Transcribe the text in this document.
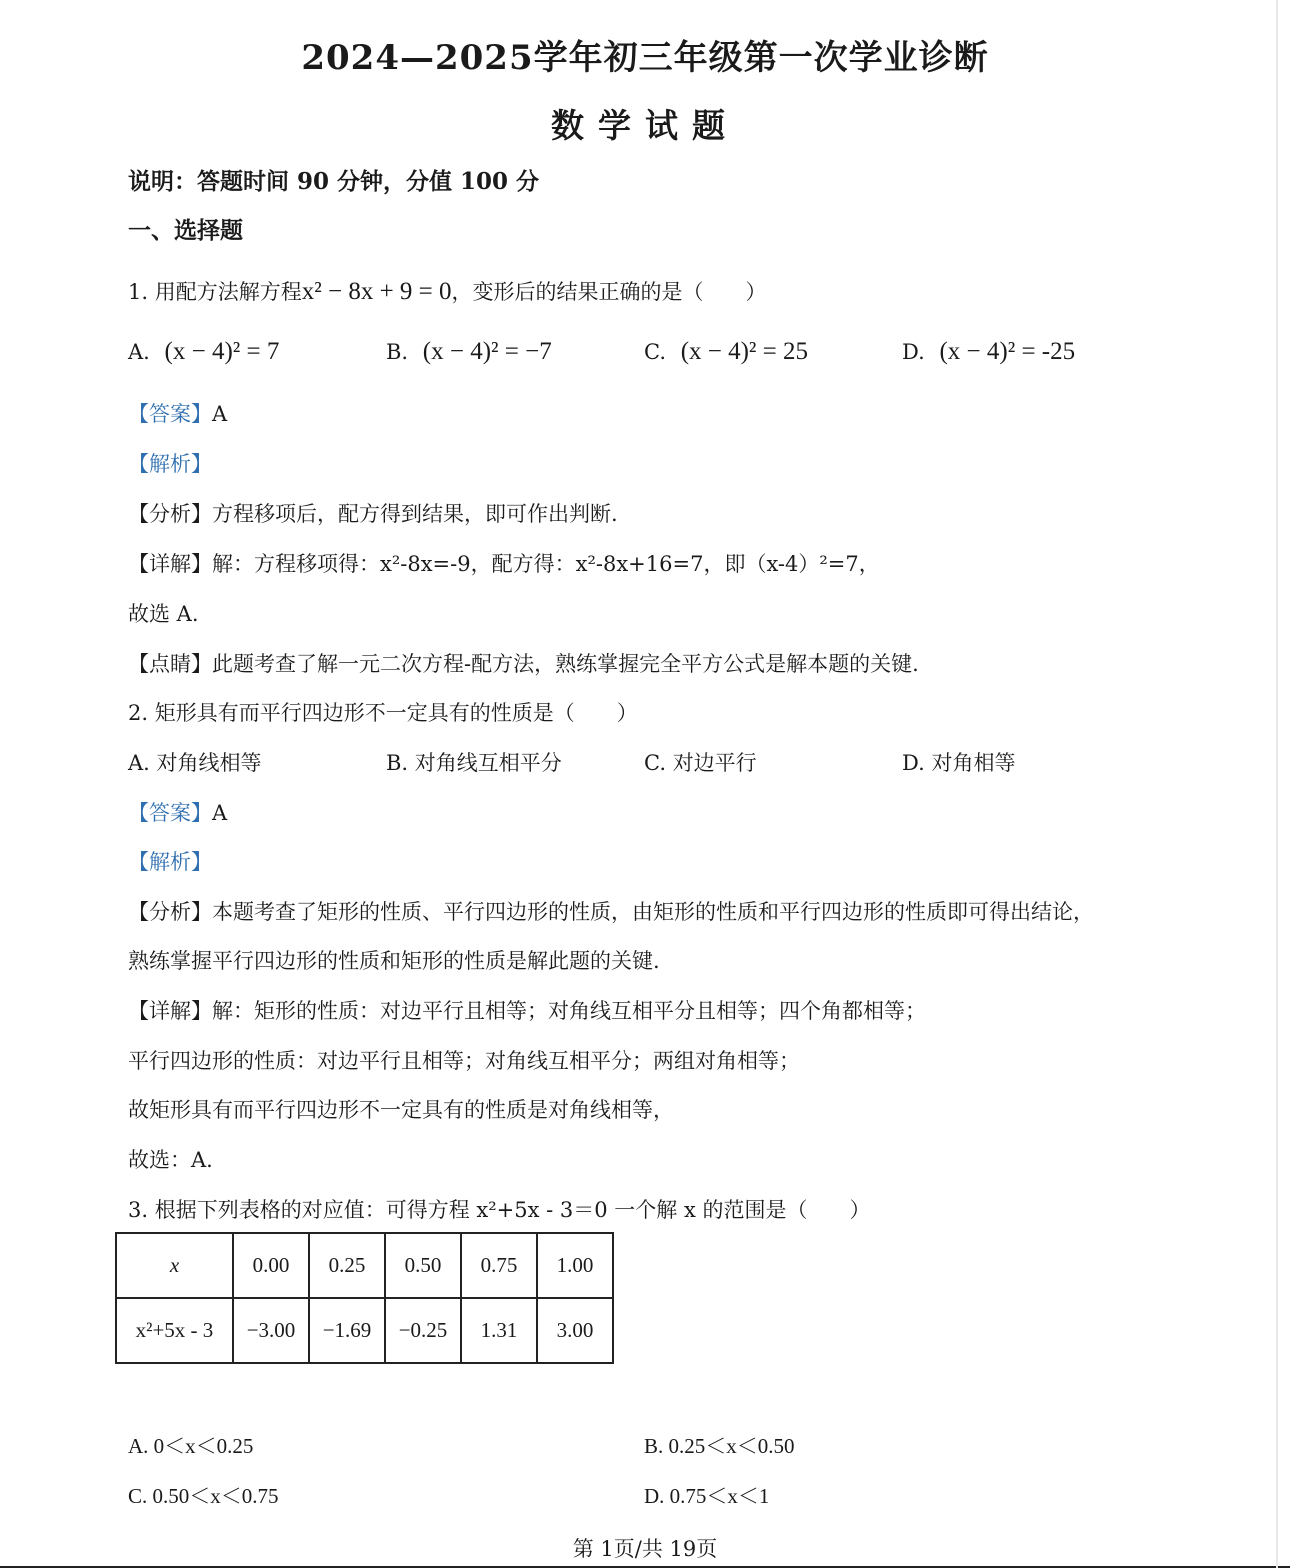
2024—2025学年初三年级第一次学业诊断
数学试题
说明：答题时间 90 分钟，分值 100 分
一、选择题
1. 用配方法解方程x² − 8x + 9 = 0，变形后的结果正确的是（　　）
A. (x − 4)² = 7	B. (x − 4)² = −7	C. (x − 4)² = 25	D. (x − 4)² = -25
【答案】A
【解析】
【分析】方程移项后，配方得到结果，即可作出判断.
【详解】解：方程移项得：x²-8x=-9，配方得：x²-8x+16=7，即（x-4）²=7，
故选 A.
【点睛】此题考查了解一元二次方程-配方法，熟练掌握完全平方公式是解本题的关键.
2. 矩形具有而平行四边形不一定具有的性质是（　　）
A. 对角线相等	B. 对角线互相平分	C. 对边平行	D. 对角相等
【答案】A
【解析】
【分析】本题考查了矩形的性质、平行四边形的性质，由矩形的性质和平行四边形的性质即可得出结论，
熟练掌握平行四边形的性质和矩形的性质是解此题的关键.
【详解】解：矩形的性质：对边平行且相等；对角线互相平分且相等；四个角都相等；
平行四边形的性质：对边平行且相等；对角线互相平分；两组对角相等；
故矩形具有而平行四边形不一定具有的性质是对角线相等，
故选：A.
3. 根据下列表格的对应值：可得方程 x²+5x - 3＝0 一个解 x 的范围是（　　）
x	0.00	0.25	0.50	0.75	1.00
x²+5x - 3	−3.00	−1.69	−0.25	1.31	3.00
A. 0＜x＜0.25	B. 0.25＜x＜0.50
C. 0.50＜x＜0.75	D. 0.75＜x＜1
第 1页/共 19页
